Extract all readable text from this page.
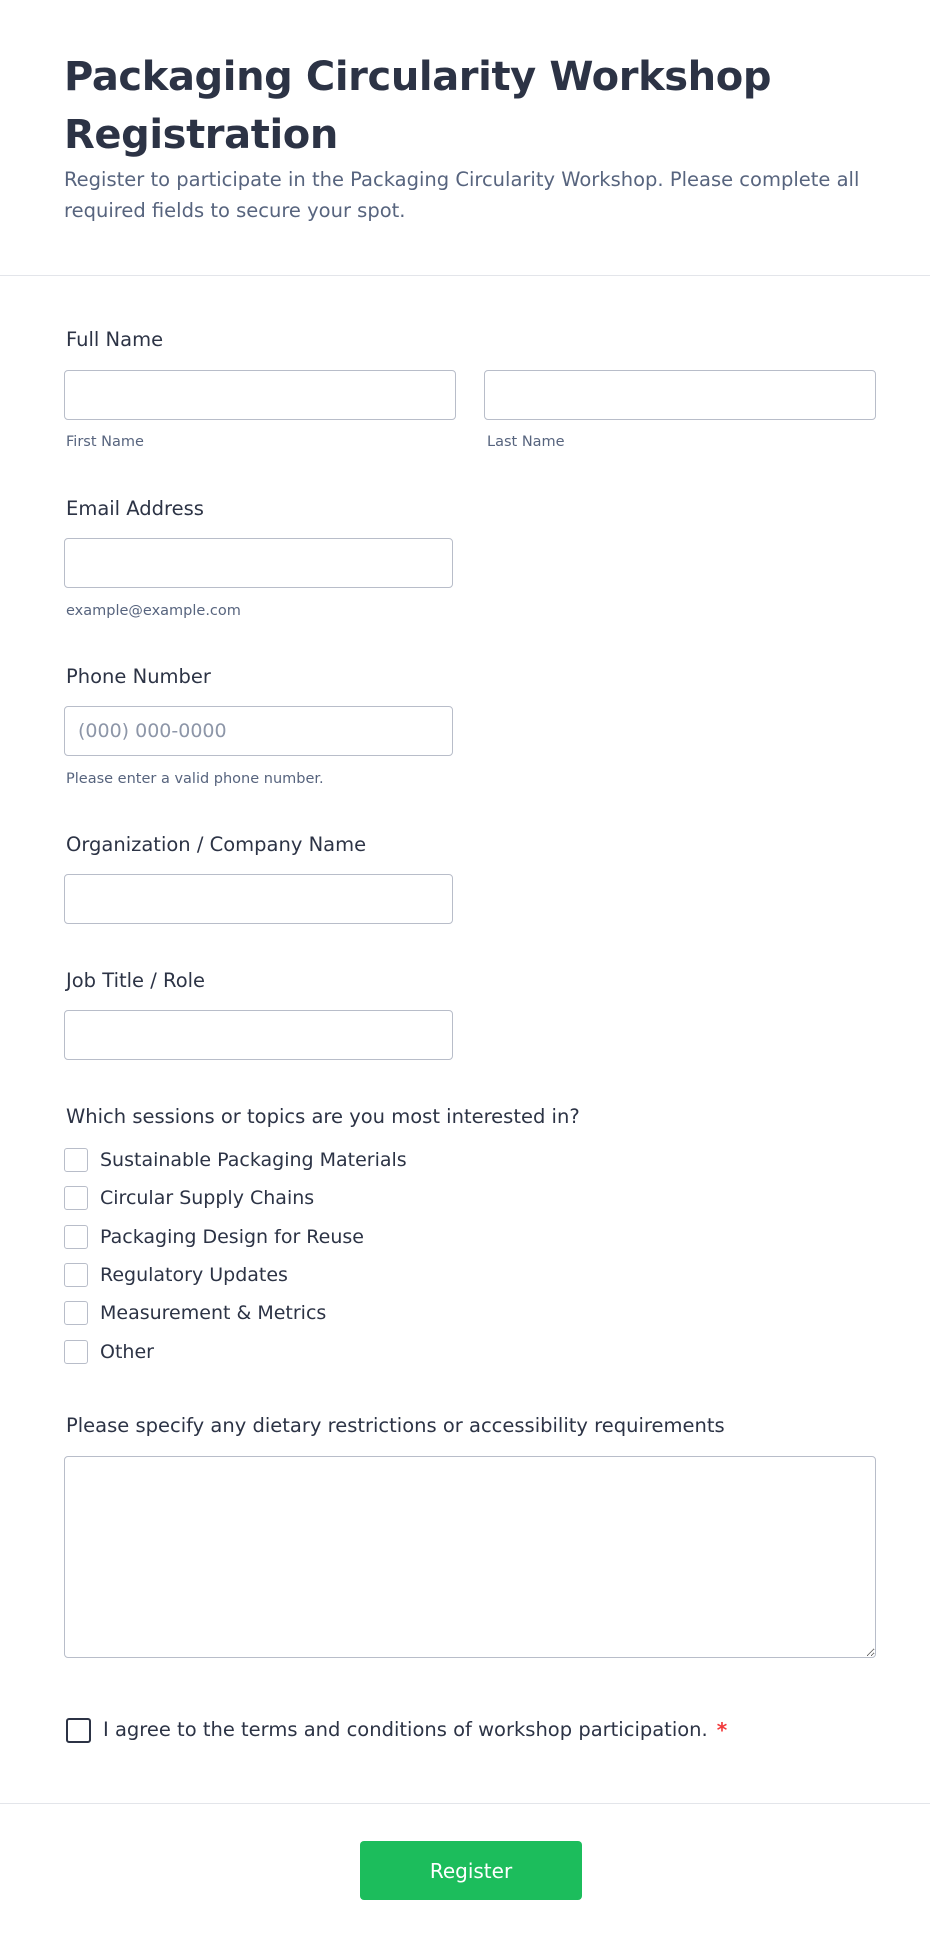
Packaging Circularity Workshop Registration

Register to participate in the Packaging Circularity Workshop. Please complete all required fields to secure your spot.

Full Name
First Name	Last Name
Email Address
example@example.com
Phone Number
(000) 000-0000
Please enter a valid phone number.
Organization / Company Name
Job Title / Role
Which sessions or topics are you most interested in?
Sustainable Packaging Materials
Circular Supply Chains
Packaging Design for Reuse
Regulatory Updates
Measurement & Metrics
Other
Please specify any dietary restrictions or accessibility requirements
I agree to the terms and conditions of workshop participation. *
Register
